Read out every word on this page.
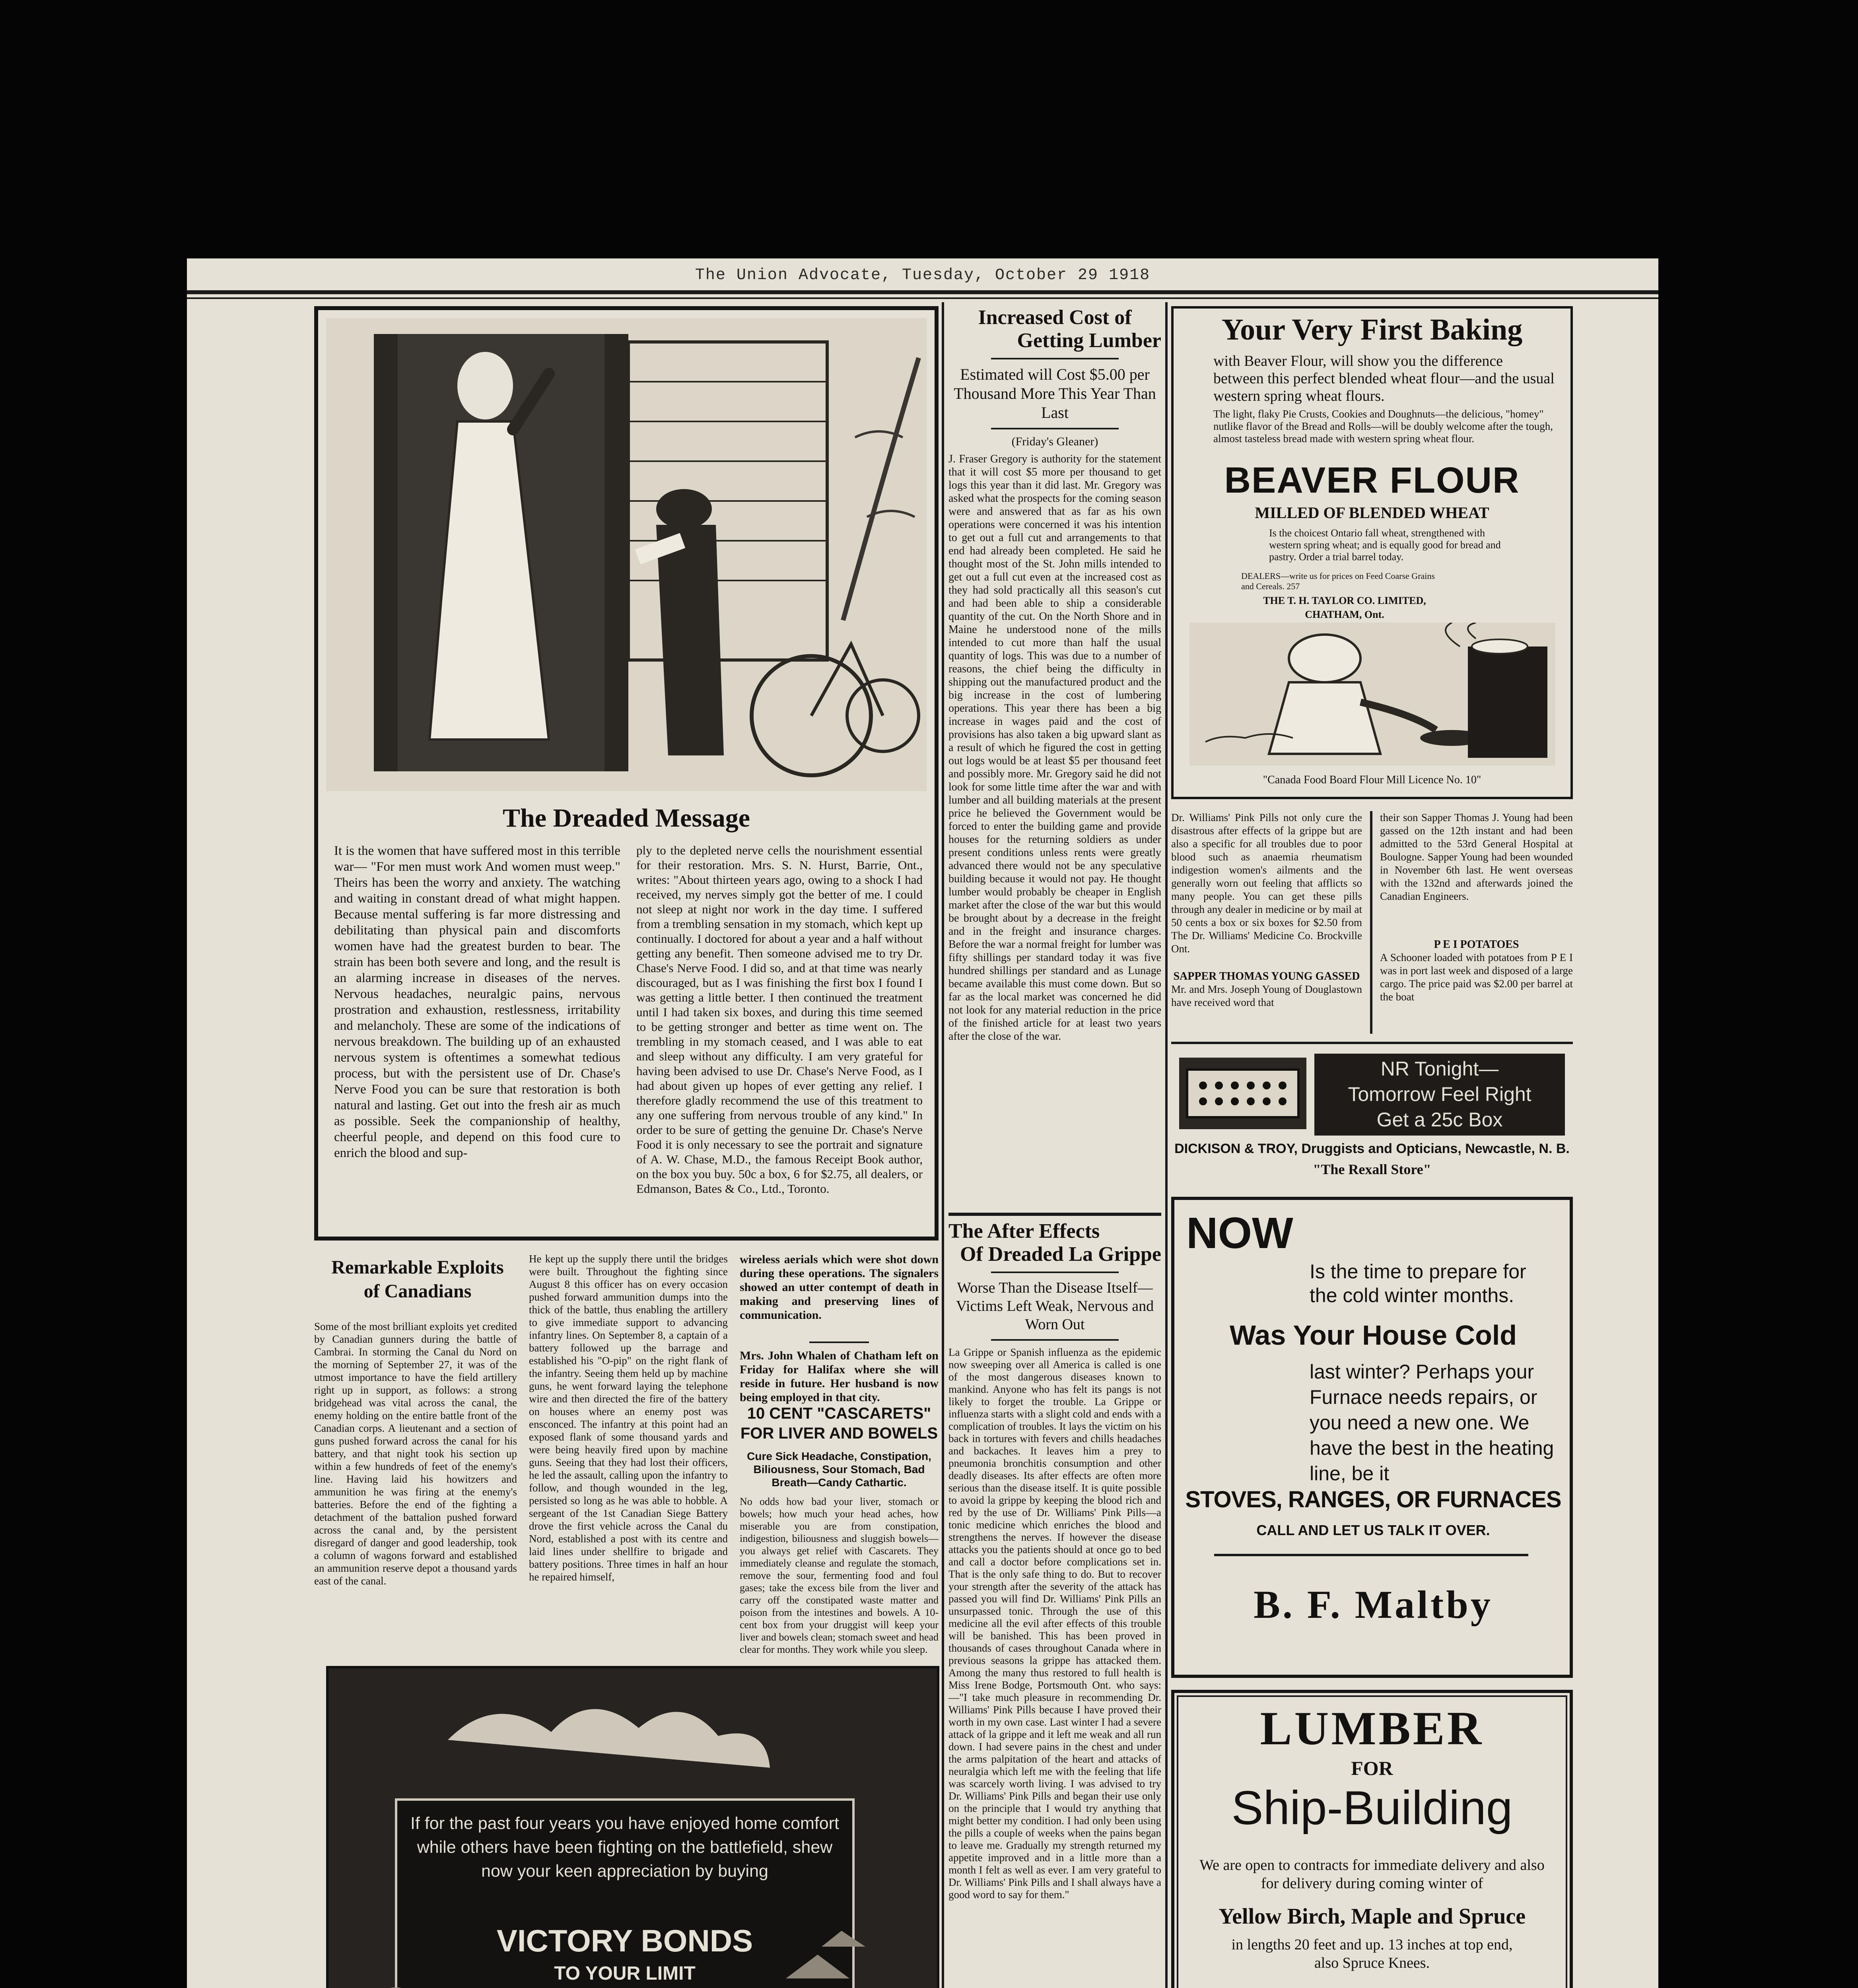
The Union Advocate, Tuesday, October 29 1918
The Dreaded Message
It is the women that have suffered most in this terrible war— "For men must work And women must weep." Theirs has been the worry and anxiety. The watching and waiting in constant dread of what might happen. Because mental suffering is far more distressing and debilitating than physical pain and discomforts women have had the greatest burden to bear. The strain has been both severe and long, and the result is an alarming increase in diseases of the nerves. Nervous headaches, neuralgic pains, nervous prostration and exhaustion, restlessness, irritability and melancholy. These are some of the indications of nervous breakdown. The building up of an exhausted nervous system is oftentimes a somewhat tedious process, but with the persistent use of Dr. Chase's Nerve Food you can be sure that restoration is both natural and lasting. Get out into the fresh air as much as possible. Seek the companionship of healthy, cheerful people, and depend on this food cure to enrich the blood and sup-
ply to the depleted nerve cells the nourishment essential for their restoration. Mrs. S. N. Hurst, Barrie, Ont., writes: "About thirteen years ago, owing to a shock I had received, my nerves simply got the better of me. I could not sleep at night nor work in the day time. I suffered from a trembling sensation in my stomach, which kept up continually. I doctored for about a year and a half without getting any benefit. Then someone advised me to try Dr. Chase's Nerve Food. I did so, and at that time was nearly discouraged, but as I was finishing the first box I found I was getting a little better. I then continued the treatment until I had taken six boxes, and during this time seemed to be getting stronger and better as time went on. The trembling in my stomach ceased, and I was able to eat and sleep without any difficulty. I am very grateful for having been advised to use Dr. Chase's Nerve Food, as I had about given up hopes of ever getting any relief. I therefore gladly recommend the use of this treatment to any one suffering from nervous trouble of any kind." In order to be sure of getting the genuine Dr. Chase's Nerve Food it is only necessary to see the portrait and signature of A. W. Chase, M.D., the famous Receipt Book author, on the box you buy. 50c a box, 6 for $2.75, all dealers, or Edmanson, Bates & Co., Ltd., Toronto.
Remarkable Exploits
of Canadians
Some of the most brilliant exploits yet credited by Canadian gunners during the battle of Cambrai. In storming the Canal du Nord on the morning of September 27, it was of the utmost importance to have the field artillery right up in support, as follows: a strong bridgehead was vital across the canal, the enemy holding on the entire battle front of the Canadian corps. A lieutenant and a section of guns pushed forward across the canal for his battery, and that night took his section up within a few hundreds of feet of the enemy's line. Having laid his howitzers and ammunition he was firing at the enemy's batteries. Before the end of the fighting a detachment of the battalion pushed forward across the canal and, by the persistent disregard of danger and good leadership, took a column of wagons forward and established an ammunition reserve depot a thousand yards east of the canal.
He kept up the supply there until the bridges were built. Throughout the fighting since August 8 this officer has on every occasion pushed forward ammunition dumps into the thick of the battle, thus enabling the artillery to give immediate support to advancing infantry lines. On September 8, a captain of a battery followed up the barrage and established his "O-pip" on the right flank of the infantry. Seeing them held up by machine guns, he went forward laying the telephone wire and then directed the fire of the battery on houses where an enemy post was ensconced. The infantry at this point had an exposed flank of some thousand yards and were being heavily fired upon by machine guns. Seeing that they had lost their officers, he led the assault, calling upon the infantry to follow, and though wounded in the leg, persisted so long as he was able to hobble. A sergeant of the 1st Canadian Siege Battery drove the first vehicle across the Canal du Nord, established a post with its centre and laid lines under shellfire to brigade and battery positions. Three times in half an hour he repaired himself,
wireless aerials which were shot down during these operations. The signalers showed an utter contempt of death in making and preserving lines of communication.
Mrs. John Whalen of Chatham left on Friday for Halifax where she will reside in future. Her husband is now being employed in that city.
10 CENT "CASCARETS"
FOR LIVER AND BOWELS
Cure Sick Headache, Constipation, Biliousness, Sour Stomach, Bad Breath—Candy Cathartic.
No odds how bad your liver, stomach or bowels; how much your head aches, how miserable you are from constipation, indigestion, biliousness and sluggish bowels—you always get relief with Cascarets. They immediately cleanse and regulate the stomach, remove the sour, fermenting food and foul gases; take the excess bile from the liver and carry off the constipated waste matter and poison from the intestines and bowels. A 10-cent box from your druggist will keep your liver and bowels clean; stomach sweet and head clear for months. They work while you sleep.
If for the past four years you have enjoyed home comfort while others have been fighting on the battlefield, shew now your keen appreciation by buying
VICTORY BONDS
TO YOUR LIMIT
Increased Cost of
Getting Lumber
Estimated will Cost $5.00 per Thousand More This Year Than Last
(Friday's Gleaner)
J. Fraser Gregory is authority for the statement that it will cost $5 more per thousand to get logs this year than it did last. Mr. Gregory was asked what the prospects for the coming season were and answered that as far as his own operations were concerned it was his intention to get out a full cut and arrangements to that end had already been completed. He said he thought most of the St. John mills intended to get out a full cut even at the increased cost as they had sold practically all this season's cut and had been able to ship a considerable quantity of the cut. On the North Shore and in Maine he understood none of the mills intended to cut more than half the usual quantity of logs. This was due to a number of reasons, the chief being the difficulty in shipping out the manufactured product and the big increase in the cost of lumbering operations. This year there has been a big increase in wages paid and the cost of provisions has also taken a big upward slant as a result of which he figured the cost in getting out logs would be at least $5 per thousand feet and possibly more. Mr. Gregory said he did not look for some little time after the war and with lumber and all building materials at the present price he believed the Government would be forced to enter the building game and provide houses for the returning soldiers as under present conditions unless rents were greatly advanced there would not be any speculative building because it would not pay. He thought lumber would probably be cheaper in English market after the close of the war but this would be brought about by a decrease in the freight and in the freight and insurance charges. Before the war a normal freight for lumber was fifty shillings per standard today it was five hundred shillings per standard and as Lunage became available this must come down. But so far as the local market was concerned he did not look for any material reduction in the price of the finished article for at least two years after the close of the war.
The After Effects
Of Dreaded La Grippe
Worse Than the Disease Itself—Victims Left Weak, Nervous and Worn Out
La Grippe or Spanish influenza as the epidemic now sweeping over all America is called is one of the most dangerous diseases known to mankind. Anyone who has felt its pangs is not likely to forget the trouble. La Grippe or influenza starts with a slight cold and ends with a complication of troubles. It lays the victim on his back in tortures with fevers and chills headaches and backaches. It leaves him a prey to pneumonia bronchitis consumption and other deadly diseases. Its after effects are often more serious than the disease itself. It is quite possible to avoid la grippe by keeping the blood rich and red by the use of Dr. Williams' Pink Pills—a tonic medicine which enriches the blood and strengthens the nerves. If however the disease attacks you the patients should at once go to bed and call a doctor before complications set in. That is the only safe thing to do. But to recover your strength after the severity of the attack has passed you will find Dr. Williams' Pink Pills an unsurpassed tonic. Through the use of this medicine all the evil after effects of this trouble will be banished. This has been proved in thousands of cases throughout Canada where in previous seasons la grippe has attacked them. Among the many thus restored to full health is Miss Irene Bodge, Portsmouth Ont. who says:—"I take much pleasure in recommending Dr. Williams' Pink Pills because I have proved their worth in my own case. Last winter I had a severe attack of la grippe and it left me weak and all run down. I had severe pains in the chest and under the arms palpitation of the heart and attacks of neuralgia which left me with the feeling that life was scarcely worth living. I was advised to try Dr. Williams' Pink Pills and began their use only on the principle that I would try anything that might better my condition. I had only been using the pills a couple of weeks when the pains began to leave me. Gradually my strength returned my appetite improved and in a little more than a month I felt as well as ever. I am very grateful to Dr. Williams' Pink Pills and I shall always have a good word to say for them."
Your Very First Baking
with Beaver Flour, will show you the difference between this perfect blended wheat flour—and the usual western spring wheat flours.
The light, flaky Pie Crusts, Cookies and Doughnuts—the delicious, "homey" nutlike flavor of the Bread and Rolls—will be doubly welcome after the tough, almost tasteless bread made with western spring wheat flour.
BEAVER FLOUR
MILLED OF BLENDED WHEAT
Is the choicest Ontario fall wheat, strengthened with western spring wheat; and is equally good for bread and pastry. Order a trial barrel today.
DEALERS—write us for prices on Feed Coarse Grains and Cereals. 257
THE T. H. TAYLOR CO. LIMITED,
CHATHAM, Ont.
"Canada Food Board Flour Mill Licence No. 10"
Dr. Williams' Pink Pills not only cure the disastrous after effects of la grippe but are also a specific for all troubles due to poor blood such as anaemia rheumatism indigestion women's ailments and the generally worn out feeling that afflicts so many people. You can get these pills through any dealer in medicine or by mail at 50 cents a box or six boxes for $2.50 from The Dr. Williams' Medicine Co. Brockville Ont.
SAPPER THOMAS YOUNG GASSED
Mr. and Mrs. Joseph Young of Douglastown have received word that
their son Sapper Thomas J. Young had been gassed on the 12th instant and had been admitted to the 53rd General Hospital at Boulogne. Sapper Young had been wounded in November 6th last. He went overseas with the 132nd and afterwards joined the Canadian Engineers.
P E I POTATOES
A Schooner loaded with potatoes from P E I was in port last week and disposed of a large cargo. The price paid was $2.00 per barrel at the boat
NR Tonight—
Tomorrow Feel Right
Get a 25c Box
DICKISON & TROY, Druggists and Opticians, Newcastle, N. B.
"The Rexall Store"
NOW
Is the time to prepare for the cold winter months.
Was Your House Cold
last winter? Perhaps your Furnace needs repairs, or you need a new one. We have the best in the heating line, be it
STOVES, RANGES, OR FURNACES
CALL AND LET US TALK IT OVER.
B. F. Maltby
LUMBER
FOR
Ship-Building
We are open to contracts for immediate delivery and also for delivery during coming winter of
Yellow Birch, Maple and Spruce
in lengths 20 feet and up. 13 inches at top end, also Spruce Knees.
